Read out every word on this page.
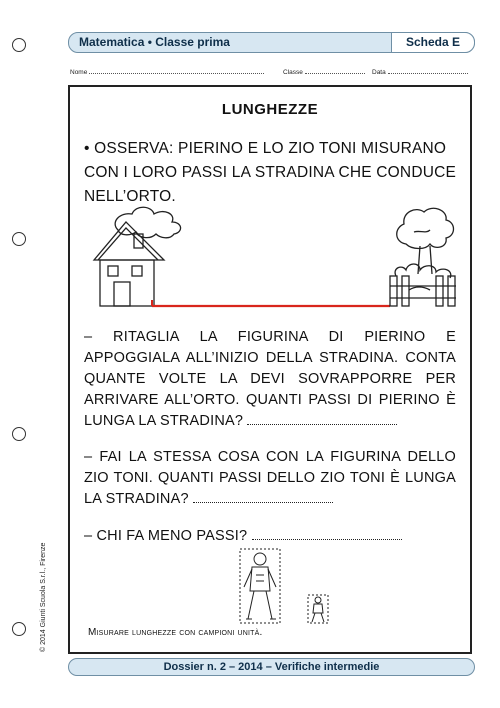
Matematica • Classe prima	Scheda E
Nome	Classe	Data
LUNGHEZZE
• OSSERVA: PIERINO E LO ZIO TONI MISURANO CON I LORO PASSI LA STRADINA CHE CONDUCE NELL’ORTO.
– RITAGLIA LA FIGURINA DI PIERINO E APPOGGIALA ALL’INIZIO DELLA STRADINA. CONTA QUANTE VOLTE LA DEVI SOVRAPPORRE PER ARRIVARE ALL’ORTO. QUANTI PASSI DI PIERINO È LUNGA LA STRADINA?
– FAI LA STESSA COSA CON LA FIGURINA DELLO ZIO TONI. QUANTI PASSI DELLO ZIO TONI È LUNGA LA STRADINA?
– CHI FA MENO PASSI?
Misurare lunghezze con campioni unità.
© 2014 Giunti Scuola S.r.l., Firenze
Dossier n. 2 – 2014 – Verifiche intermedie
